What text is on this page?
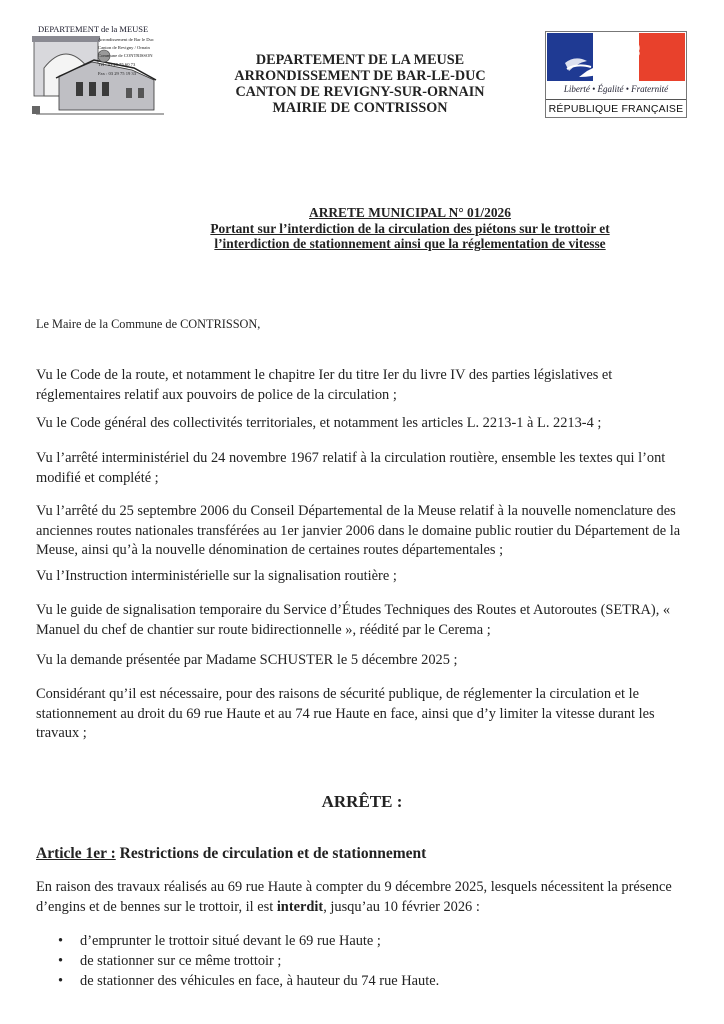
DEPARTEMENT de la MEUSE
Arrondissement de Bar le Duc
Canton de Revigny / Ornain
Commune de CONTRISSON
Tél : 03 29 75 60 73
Fax : 03 29 75 19 33
DEPARTEMENT DE LA MEUSE
ARRONDISSEMENT DE BAR-LE-DUC
CANTON DE REVIGNY-SUR-ORNAIN
MAIRIE DE CONTRISSON
Liberté • Égalité • Fraternité
RÉPUBLIQUE FRANÇAISE
ARRETE MUNICIPAL N° 01/2026
Portant sur l’interdiction de la circulation des piétons sur le trottoir et
l’interdiction de stationnement ainsi que la réglementation de vitesse
Le Maire de la Commune de CONTRISSON,
Vu le Code de la route, et notamment le chapitre Ier du titre Ier du livre IV des parties législatives et réglementaires relatif aux pouvoirs de police de la circulation ;
Vu le Code général des collectivités territoriales, et notamment les articles L. 2213-1 à L. 2213-4 ;
Vu l’arrêté interministériel du 24 novembre 1967 relatif à la circulation routière, ensemble les textes qui l’ont modifié et complété ;
Vu l’arrêté du 25 septembre 2006 du Conseil Départemental de la Meuse relatif à la nouvelle nomenclature des anciennes routes nationales transférées au 1er janvier 2006 dans le domaine public routier du Département de la Meuse, ainsi qu’à la nouvelle dénomination de certaines routes départementales ;
Vu l’Instruction interministérielle sur la signalisation routière ;
Vu le guide de signalisation temporaire du Service d’Études Techniques des Routes et Autoroutes (SETRA), « Manuel du chef de chantier sur route bidirectionnelle », réédité par le Cerema ;
Vu la demande présentée par Madame SCHUSTER le 5 décembre 2025 ;
Considérant qu’il est nécessaire, pour des raisons de sécurité publique, de réglementer la circulation et le stationnement au droit du 69 rue Haute et au 74 rue Haute en face, ainsi que d’y limiter la vitesse durant les travaux ;
ARRÊTE :
Article 1er : Restrictions de circulation et de stationnement
En raison des travaux réalisés au 69 rue Haute à compter du 9 décembre 2025, lesquels nécessitent la présence d’engins et de bennes sur le trottoir, il est interdit, jusqu’au 10 février 2026 :
• d’emprunter le trottoir situé devant le 69 rue Haute ;
• de stationner sur ce même trottoir ;
• de stationner des véhicules en face, à hauteur du 74 rue Haute.
